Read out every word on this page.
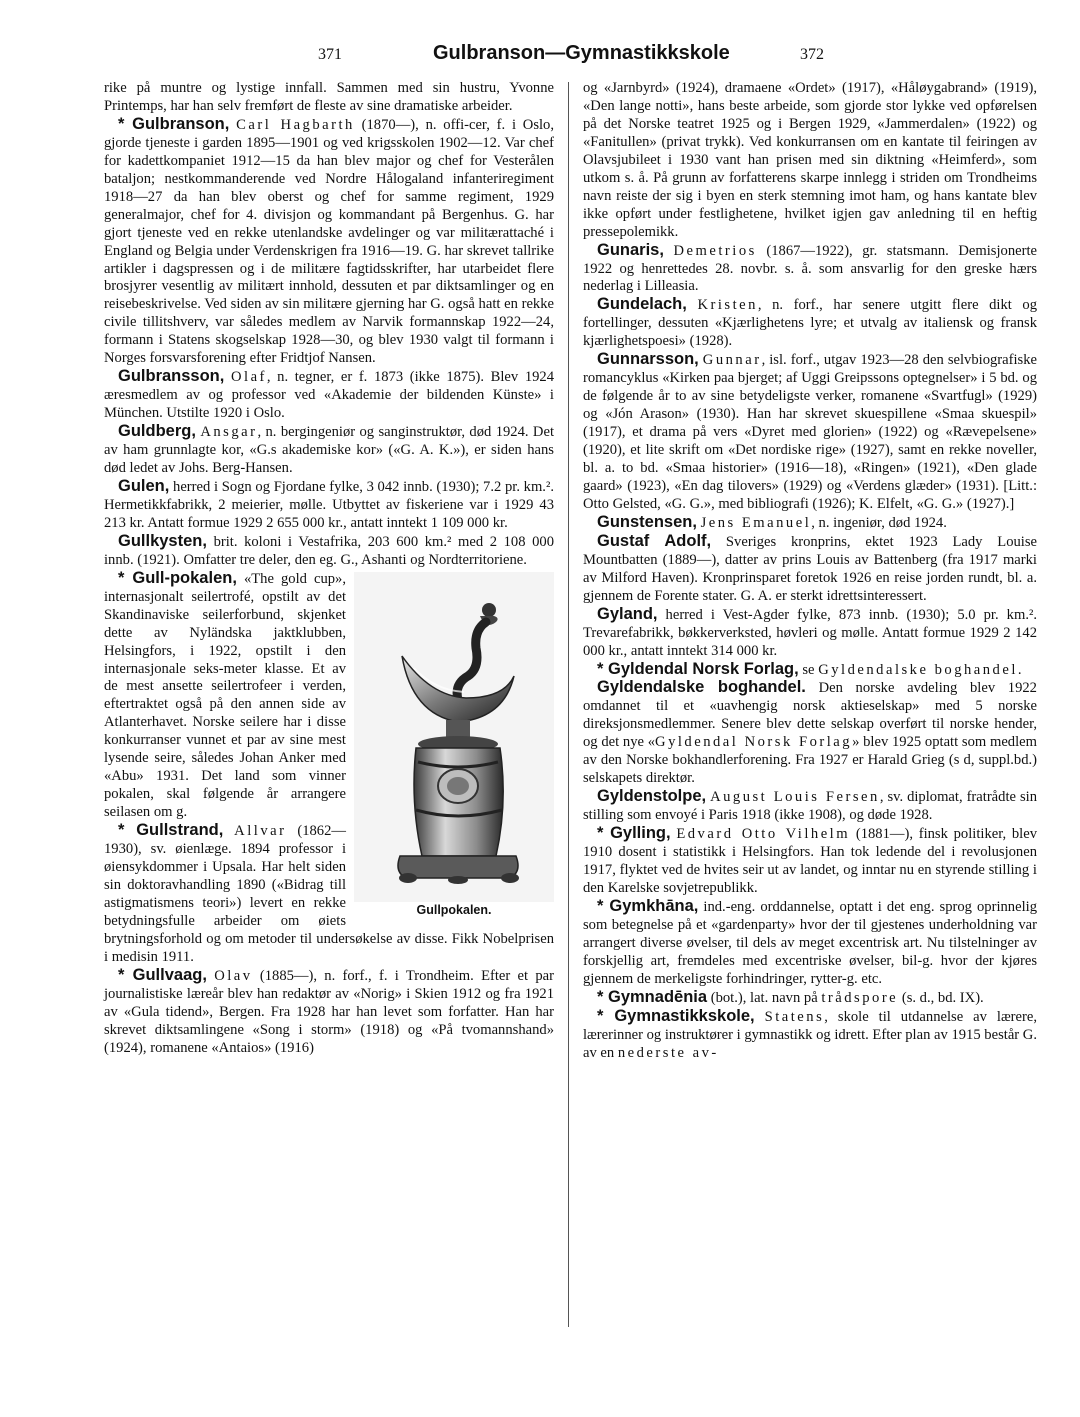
371	Gulbranson—Gymnastikkskole	372

rike på muntre og lystige innfall. Sammen med sin hustru, Yvonne Printemps, har han selv fremført de fleste av sine dramatiske arbeider.

* Gulbranson, Carl Hagbarth (1870—), n. offi-cer, f. i Oslo, gjorde tjeneste i garden 1895—1901 og ved krigsskolen 1902—12. Var chef for kadettkompaniet 1912—15 da han blev major og chef for Vesterålen bataljon; nestkommanderende ved Nordre Hålogaland infanteriregiment 1918—27 da han blev oberst og chef for samme regiment, 1929 generalmajor, chef for 4. divisjon og kommandant på Bergenhus. G. har gjort tjeneste ved en rekke utenlandske avdelinger og var militærattaché i England og Belgia under Verdenskrigen fra 1916—19. G. har skrevet tallrike artikler i dagspressen og i de militære fagtidsskrifter, har utarbeidet flere brosjyrer vesentlig av militært innhold, dessuten et par diktsamlinger og en reisebeskrivelse. Ved siden av sin militære gjerning har G. også hatt en rekke civile tillitshverv, var således medlem av Narvik formannskap 1922—24, formann i Statens skogselskap 1928—30, og blev 1930 valgt til formann i Norges forsvarsforening efter Fridtjof Nansen.

Gulbransson, Olaf, n. tegner, er f. 1873 (ikke 1875). Blev 1924 æresmedlem av og professor ved «Akademie der bildenden Künste» i München. Utstilte 1920 i Oslo.

Guldberg, Ansgar, n. bergingeniør og sanginstruktør, død 1924. Det av ham grunnlagte kor, «G.s akademiske kor» («G. A. K.»), er siden hans død ledet av Johs. Berg-Hansen.

Gulen, herred i Sogn og Fjordane fylke, 3 042 innb. (1930); 7.2 pr. km.². Hermetikkfabrikk, 2 meierier, mølle. Utbyttet av fiskeriene var i 1929 43 213 kr. Antatt formue 1929 2 655 000 kr., antatt inntekt 1 109 000 kr.

Gullkysten, brit. koloni i Vestafrika, 203 600 km.² med 2 108 000 innb. (1921). Omfatter tre deler, den eg. G., Ashanti og Nordterritoriene.

Gullpokalen.

* Gull-pokalen, «The gold cup», internasjonalt seilertrofé, opstilt av det Skandinaviske seilerforbund, skjenket dette av Nyländska jaktklubben, Helsingfors, i 1922, opstilt i den internasjonale seks-meter klasse. Et av de mest ansette seilertrofeer i verden, eftertraktet også på den annen side av Atlanterhavet. Norske seilere har i disse konkurranser vunnet et par av sine mest lysende seire, således Johan Anker med «Abu» 1931. Det land som vinner pokalen, skal følgende år arrangere seilasen om g.

* Gullstrand, Allvar (1862—1930), sv. øienlæge. 1894 professor i øiensykdommer i Upsala. Har helt siden sin doktoravhandling 1890 («Bidrag till astigmatismens teori») levert en rekke betydningsfulle arbeider om øiets brytningsforhold og om metoder til undersøkelse av disse. Fikk Nobelprisen i medisin 1911.

* Gullvaag, Olav (1885—), n. forf., f. i Trondheim. Efter et par journalistiske læreår blev han redaktør av «Norig» i Skien 1912 og fra 1921 av «Gula tidend», Bergen. Fra 1928 har han levet som forfatter. Han har skrevet diktsamlingene «Song i storm» (1918) og «På tvomannshand» (1924), romanene «Antaios» (1916)

og «Jarnbyrd» (1924), dramaene «Ordet» (1917), «Håløygabrand» (1919), «Den lange notti», hans beste arbeide, som gjorde stor lykke ved opførelsen på det Norske teatret 1925 og i Bergen 1929, «Jammerdalen» (1922) og «Fanitullen» (privat trykk). Ved konkurransen om en kantate til feiringen av Olavsjubileet i 1930 vant han prisen med sin diktning «Heimferd», som utkom s. å. På grunn av forfatterens skarpe innlegg i striden om Trondheims navn reiste der sig i byen en sterk stemning imot ham, og hans kantate blev ikke opført under festlighetene, hvilket igjen gav anledning til en heftig pressepolemikk.

Gunaris, Demetrios (1867—1922), gr. statsmann. Demisjonerte 1922 og henrettedes 28. novbr. s. å. som ansvarlig for den greske hærs nederlag i Lilleasia.

Gundelach, Kristen, n. forf., har senere utgitt flere dikt og fortellinger, dessuten «Kjærlighetens lyre; et utvalg av italiensk og fransk kjærlighetspoesi» (1928).

Gunnarsson, Gunnar, isl. forf., utgav 1923—28 den selvbiografiske romancyklus «Kirken paa bjerget; af Uggi Greipssons optegnelser» i 5 bd. og de følgende år to av sine betydeligste verker, romanene «Svartfugl» (1929) og «Jón Arason» (1930). Han har skrevet skuespillene «Smaa skuespil» (1917), et drama på vers «Dyret med glorien» (1922) og «Rævepelsene» (1920), et lite skrift om «Det nordiske rige» (1927), samt en rekke noveller, bl. a. to bd. «Smaa historier» (1916—18), «Ringen» (1921), «Den glade gaard» (1923), «En dag tilovers» (1929) og «Verdens glæder» (1931). [Litt.: Otto Gelsted, «G. G.», med bibliografi (1926); K. Elfelt, «G. G.» (1927).]

Gunstensen, Jens Emanuel, n. ingeniør, død 1924.

Gustaf Adolf, Sveriges kronprins, ektet 1923 Lady Louise Mountbatten (1889—), datter av prins Louis av Battenberg (fra 1917 marki av Milford Haven). Kronprinsparet foretok 1926 en reise jorden rundt, bl. a. gjennem de Forente stater. G. A. er sterkt idrettsinteressert.

Gyland, herred i Vest-Agder fylke, 873 innb. (1930); 5.0 pr. km.². Trevarefabrikk, bøkkerverksted, høvleri og mølle. Antatt formue 1929 2 142 000 kr., antatt inntekt 314 000 kr.

* Gyldendal Norsk Forlag, se Gyldendalske boghandel.

Gyldendalske boghandel. Den norske avdeling blev 1922 omdannet til et «uavhengig norsk aktieselskap» med 5 norske direksjonsmedlemmer. Senere blev dette selskap overført til norske hender, og det nye «Gyldendal Norsk Forlag» blev 1925 optatt som medlem av den Norske bokhandlerforening. Fra 1927 er Harald Grieg (s d, suppl.bd.) selskapets direktør.

Gyldenstolpe, August Louis Fersen, sv. diplomat, fratrådte sin stilling som envoyé i Paris 1918 (ikke 1908), og døde 1928.

* Gylling, Edvard Otto Vilhelm (1881—), finsk politiker, blev 1910 dosent i statistikk i Helsingfors. Han tok ledende del i revolusjonen 1917, flyktet ved de hvites seir ut av landet, og inntar nu en styrende stilling i den Karelske sovjetrepublikk.

* Gymkhāna, ind.-eng. orddannelse, optatt i det eng. sprog oprinnelig som betegnelse på et «gardenparty» hvor der til gjestenes underholdning var arrangert diverse øvelser, til dels av meget excentrisk art. Nu tilstelninger av forskjellig art, fremdeles med excentriske øvelser, bil-g. hvor der kjøres gjennem de merkeligste forhindringer, rytter-g. etc.

* Gymnadēnia (bot.), lat. navn på trådspore (s. d., bd. IX).

* Gymnastikkskole, Statens, skole til utdannelse av lærere, lærerinner og instruktører i gymnastikk og idrett. Efter plan av 1915 består G. av en nederste av-
